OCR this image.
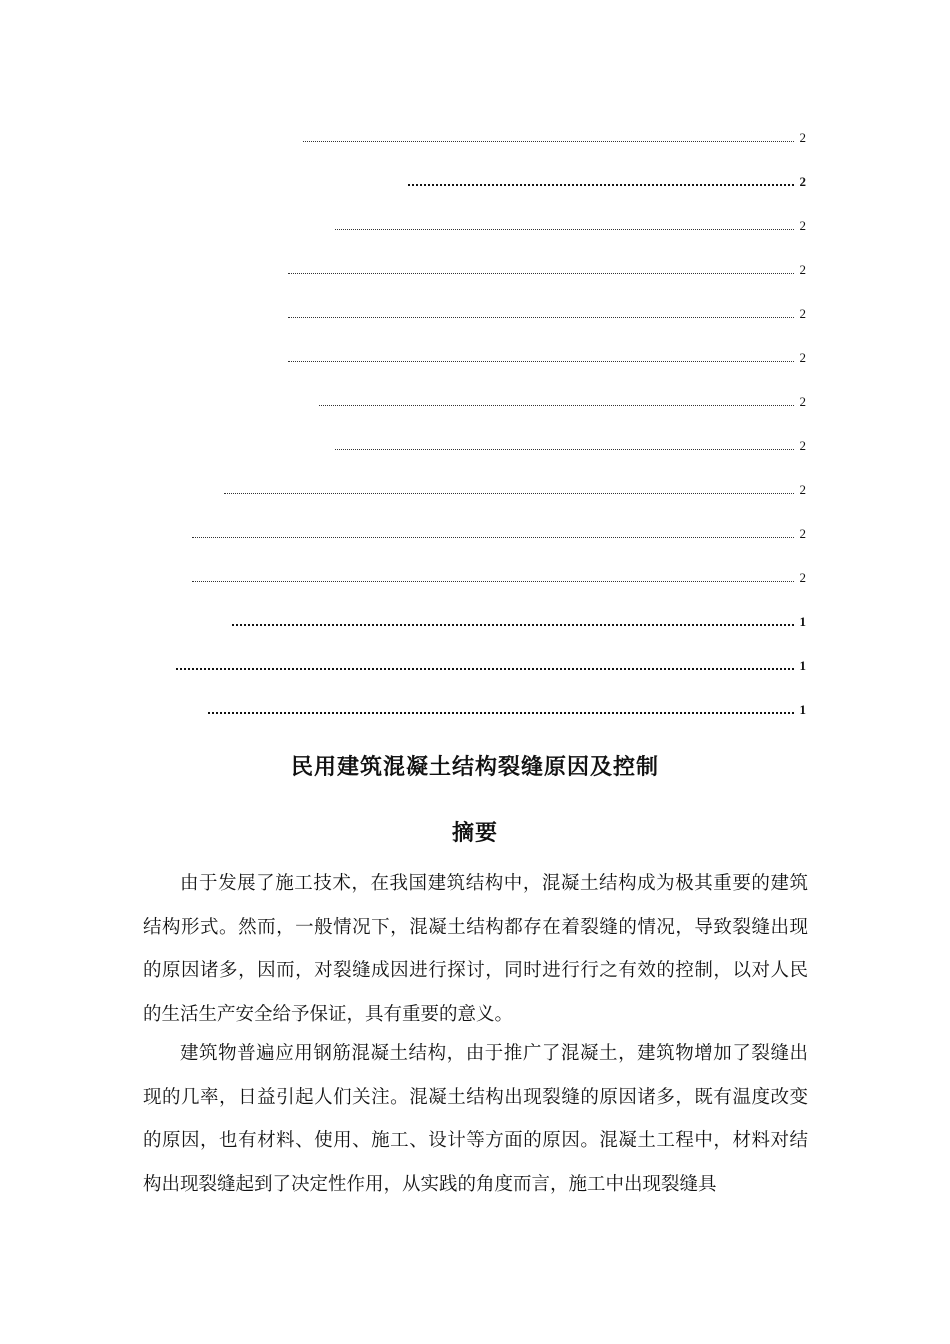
2
2
2
2
2
2
2
2
2
2
2
1
1
1
民用建筑混凝土结构裂缝原因及控制
摘要

由于发展了施工技术，在我国建筑结构中，混凝土结构成为极其重要的建筑结构形式。然而，一般情况下，混凝土结构都存在着裂缝的情况，导致裂缝出现的原因诸多，因而，对裂缝成因进行探讨，同时进行行之有效的控制，以对人民的生活生产安全给予保证，具有重要的意义。

建筑物普遍应用钢筋混凝土结构，由于推广了混凝土，建筑物增加了裂缝出现的几率，日益引起人们关注。混凝土结构出现裂缝的原因诸多，既有温度改变的原因，也有材料、使用、施工、设计等方面的原因。混凝土工程中，材料对结构出现裂缝起到了决定性作用，从实践的角度而言，施工中出现裂缝具
